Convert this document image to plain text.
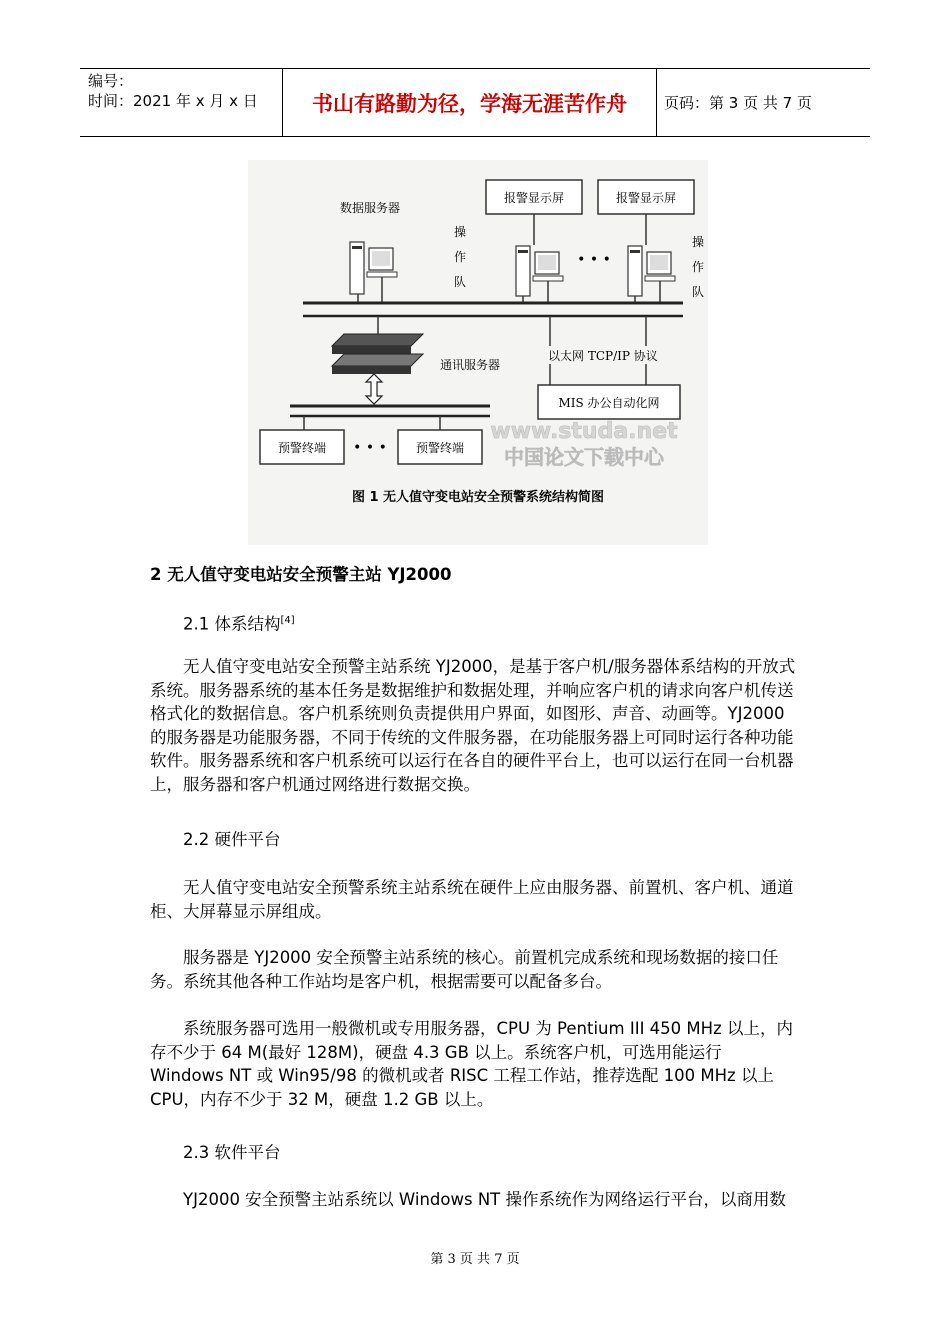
编号：
时间：2021 年 x 月 x 日	书山有路勤为径，学海无涯苦作舟	页码：第 3 页 共 7 页
报警显示屏	报警显示屏
数据服务器
操作队
• • •
操作队
通讯服务器
以太网 TCP/IP 协议
MIS 办公自动化网
预警终端 • • • 预警终端
www.studa.net
中国论文下载中心
图 1 无人值守变电站安全预警系统结构简图

2 无人值守变电站安全预警主站 YJ2000

2.1 体系结构[4]

无人值守变电站安全预警主站系统 YJ2000，是基于客户机/服务器体系结构的开放式系统。服务器系统的基本任务是数据维护和数据处理，并响应客户机的请求向客户机传送格式化的数据信息。客户机系统则负责提供用户界面，如图形、声音、动画等。YJ2000 的服务器是功能服务器，不同于传统的文件服务器，在功能服务器上可同时运行各种功能软件。服务器系统和客户机系统可以运行在各自的硬件平台上，也可以运行在同一台机器上，服务器和客户机通过网络进行数据交换。

2.2 硬件平台

无人值守变电站安全预警系统主站系统在硬件上应由服务器、前置机、客户机、通道柜、大屏幕显示屏组成。

服务器是 YJ2000 安全预警主站系统的核心。前置机完成系统和现场数据的接口任务。系统其他各种工作站均是客户机，根据需要可以配备多台。

系统服务器可选用一般微机或专用服务器，CPU 为 Pentium III 450 MHz 以上，内存不少于 64 M(最好 128M)，硬盘 4.3 GB 以上。系统客户机，可选用能运行 Windows NT 或 Win95/98 的微机或者 RISC 工程工作站，推荐选配 100 MHz 以上 CPU，内存不少于 32 M，硬盘 1.2 GB 以上。

2.3 软件平台

YJ2000 安全预警主站系统以 Windows NT 操作系统作为网络运行平台，以商用数

第 3 页 共 7 页
